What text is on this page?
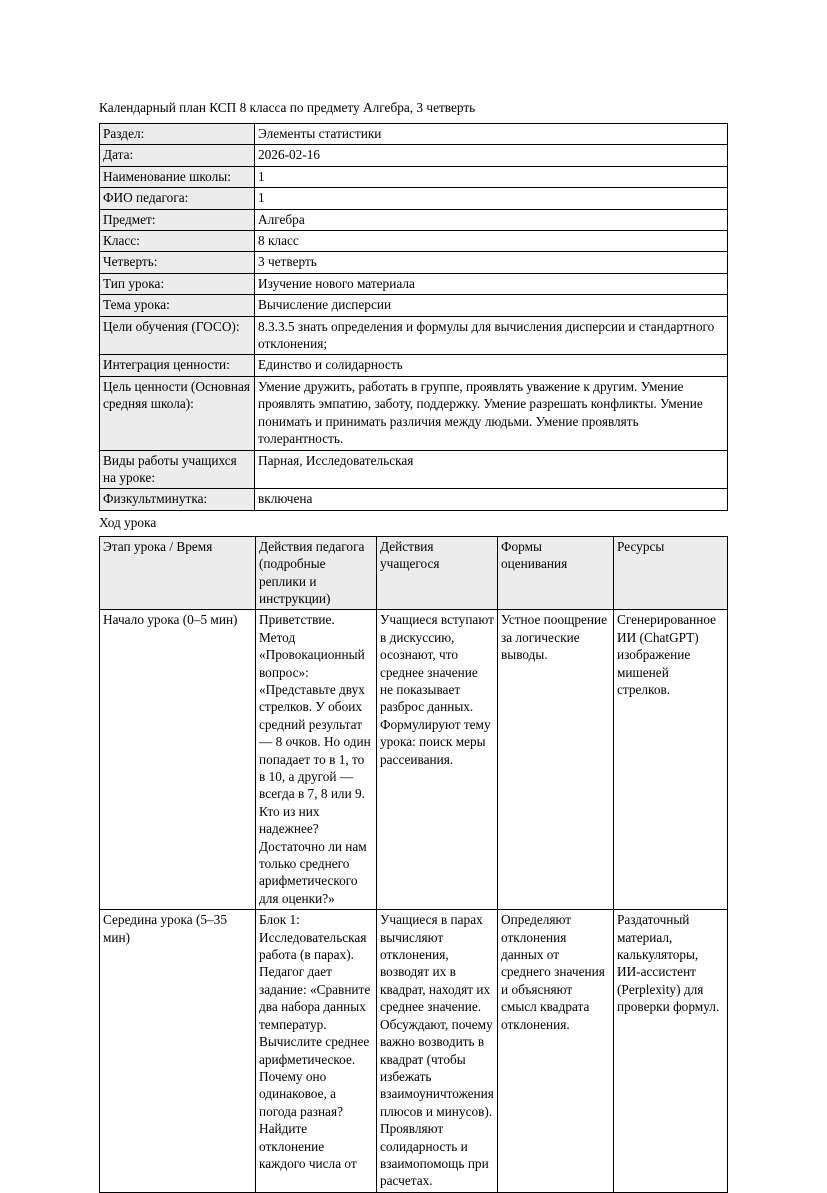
Календарный план КСП 8 класса по предмету Алгебра, 3 четверть

Раздел:	Элементы статистики
Дата:	2026-02-16
Наименование школы:	1
ФИО педагога:	1
Предмет:	Алгебра
Класс:	8 класс
Четверть:	3 четверть
Тип урока:	Изучение нового материала
Тема урока:	Вычисление дисперсии
Цели обучения (ГОСО):	8.3.3.5 знать определения и формулы для вычисления дисперсии и стандартного отклонения;
Интеграция ценности:	Единство и солидарность
Цель ценности (Основная средняя школа):	Умение дружить, работать в группе, проявлять уважение к другим. Умение проявлять эмпатию, заботу, поддержку. Умение разрешать конфликты. Умение понимать и принимать различия между людьми. Умение проявлять толерантность.
Виды работы учащихся на уроке:	Парная, Исследовательская
Физкультминутка:	включена

Ход урока

Этап урока / Время	Действия педагога (подробные реплики и инструкции)	Действия учащегося	Формы оценивания	Ресурсы
Начало урока (0–5 мин)	Приветствие. Метод «Провокационный вопрос»: «Представьте двух стрелков. У обоих средний результат — 8 очков. Но один попадает то в 1, то в 10, а другой — всегда в 7, 8 или 9. Кто из них надежнее? Достаточно ли нам только среднего арифметического для оценки?»	Учащиеся вступают в дискуссию, осознают, что среднее значение не показывает разброс данных. Формулируют тему урока: поиск меры рассеивания.	Устное поощрение за логические выводы.	Сгенерированное ИИ (ChatGPT) изображение мишеней стрелков.
Середина урока (5–35 мин)	Блок 1: Исследовательская работа (в парах). Педагог дает задание: «Сравните два набора данных температур. Вычислите среднее арифметическое. Почему оно одинаковое, а погода разная? Найдите отклонение каждого числа от	Учащиеся в парах вычисляют отклонения, возводят их в квадрат, находят их среднее значение. Обсуждают, почему важно возводить в квадрат (чтобы избежать взаимоуничтожения плюсов и минусов). Проявляют солидарность и взаимопомощь при расчетах.	Определяют отклонения данных от среднего значения и объясняют смысл квадрата отклонения.	Раздаточный материал, калькуляторы, ИИ-ассистент (Perplexity) для проверки формул.
